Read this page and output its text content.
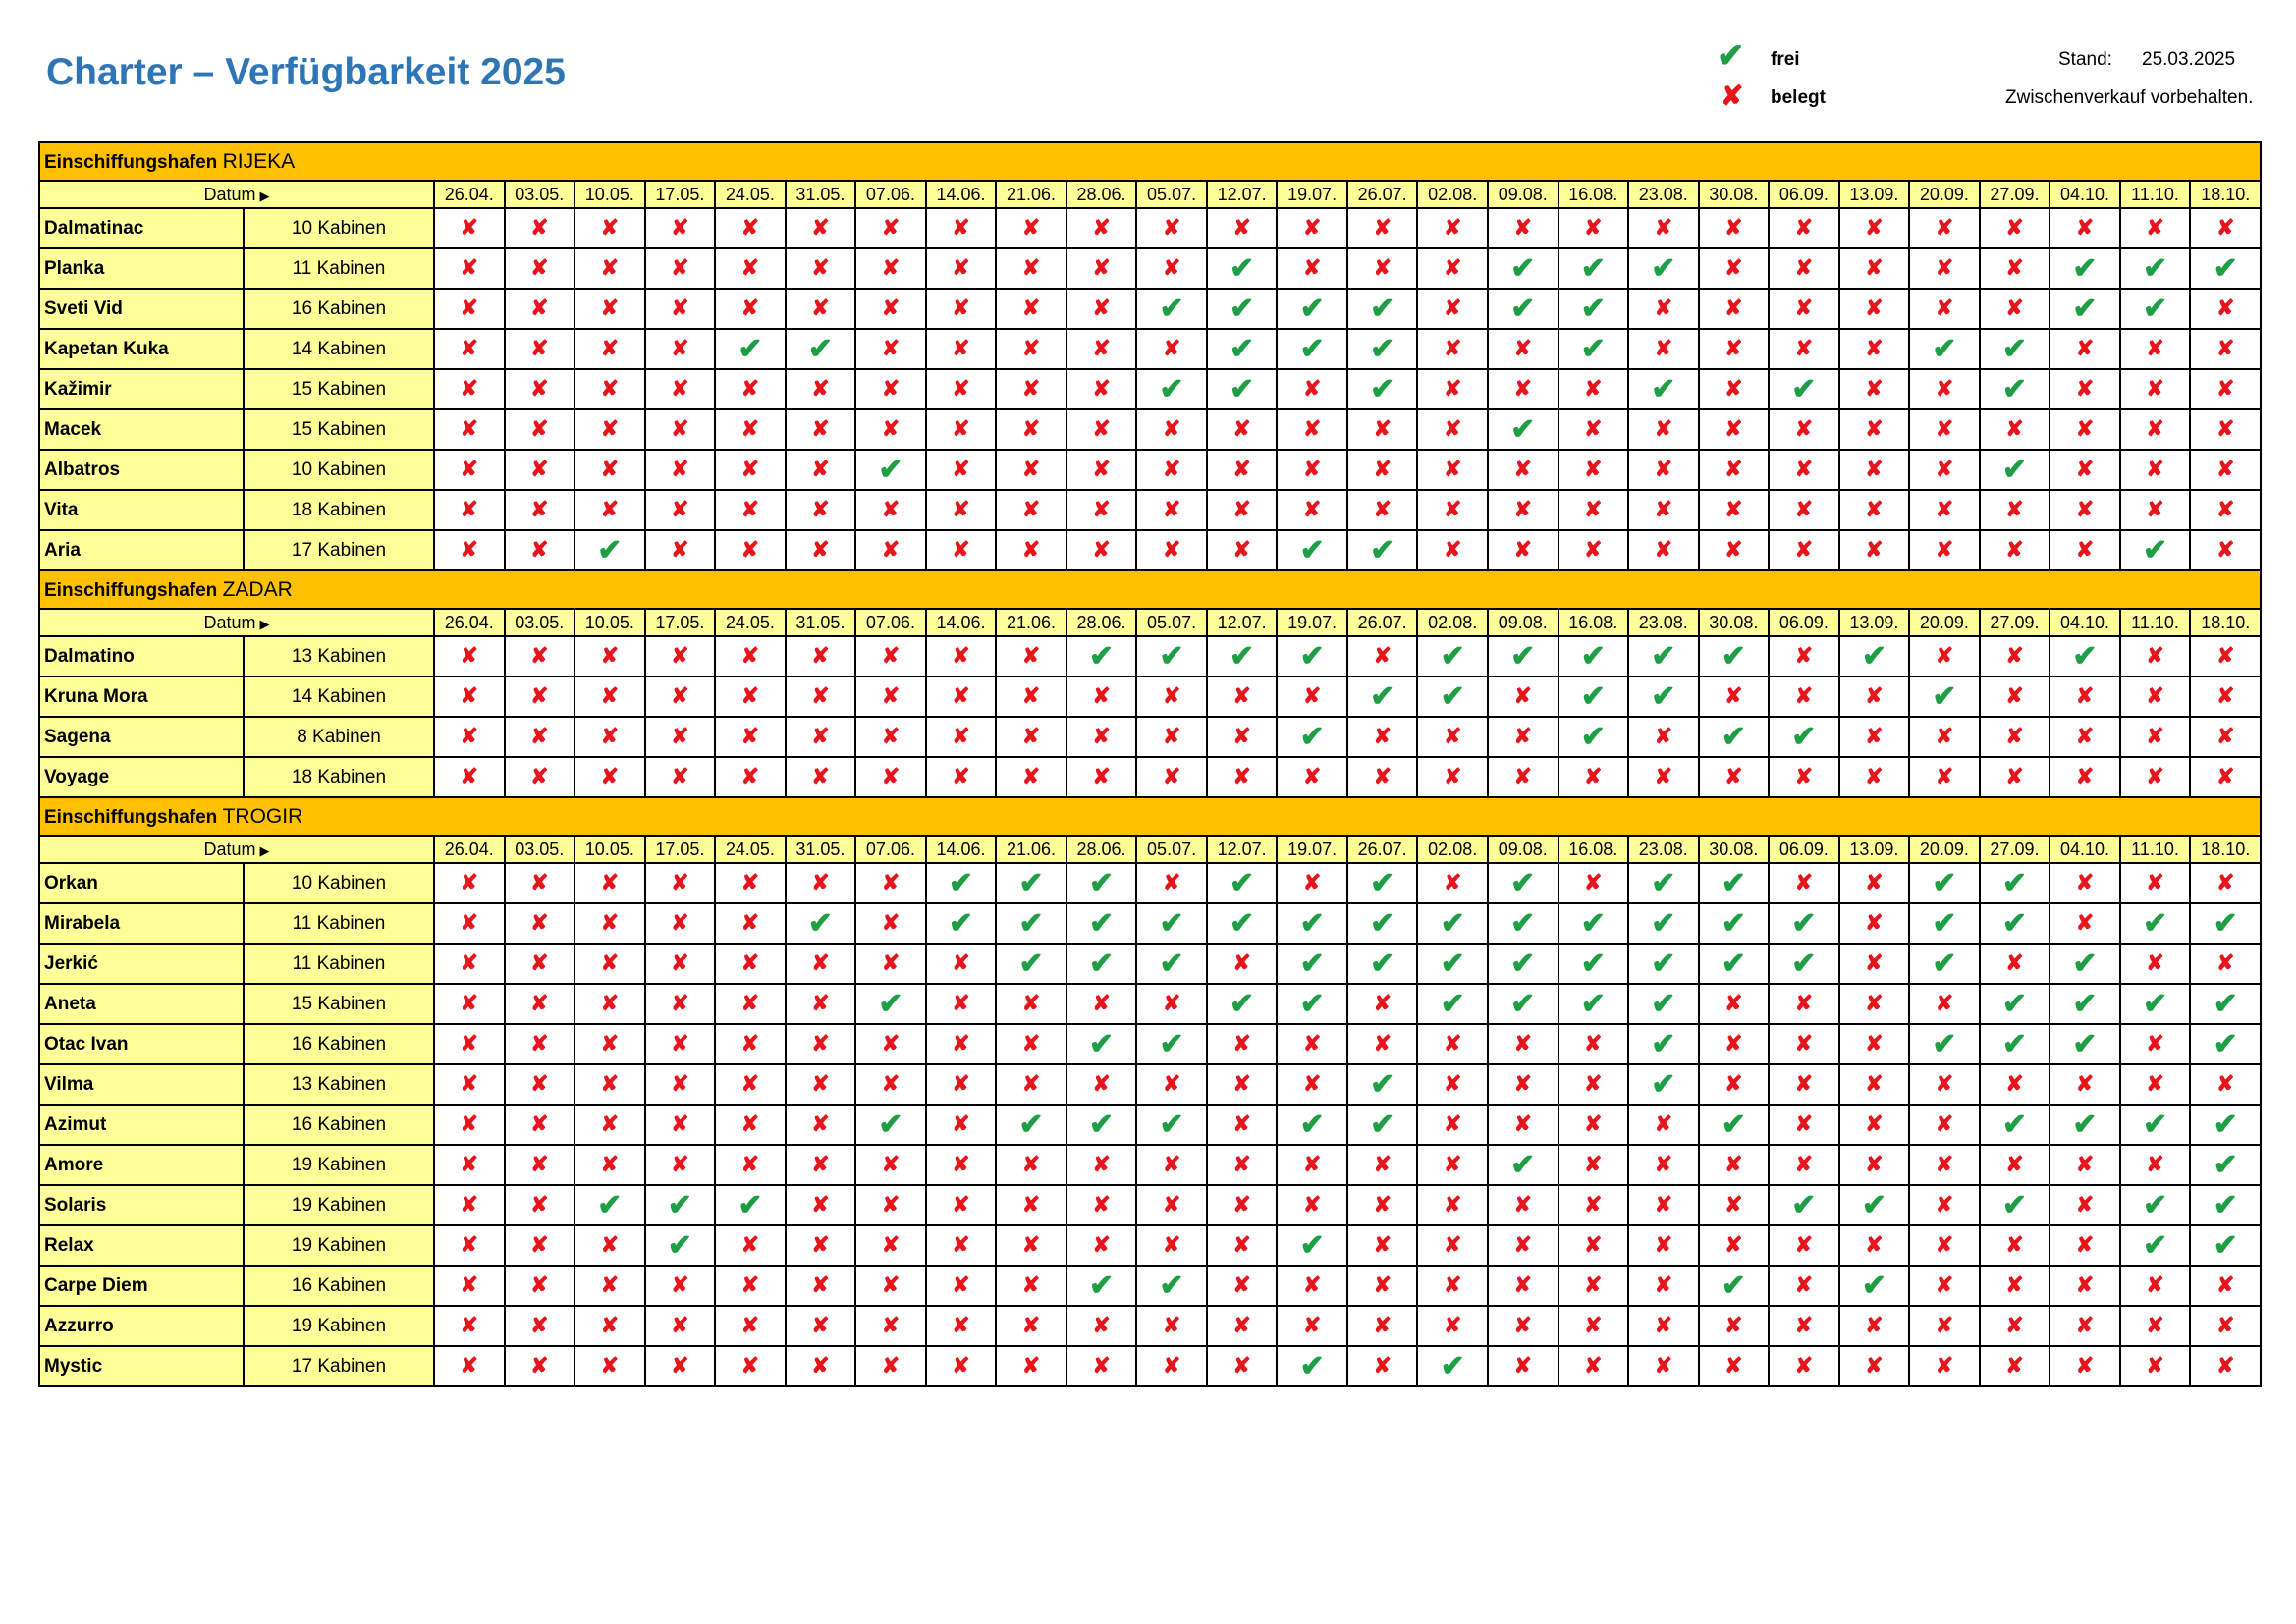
Charter – Verfügbarkeit 2025	✔ frei
✘ belegt
Stand: 25.03.2025
Zwischenverkauf vorbehalten.
Einschiffungshafen RIJEKA																											
Datum ▶		26.04.	03.05.	10.05.	17.05.	24.05.	31.05.	07.06.	14.06.	21.06.	28.06.	05.07.	12.07.	19.07.	26.07.	02.08.	09.08.	16.08.	23.08.	30.08.	06.09.	13.09.	20.09.	27.09.	04.10.	11.10.	18.10.
Dalmatinac	10 Kabinen	✘	✘	✘	✘	✘	✘	✘	✘	✘	✘	✘	✘	✘	✘	✘	✘	✘	✘	✘	✘	✘	✘	✘	✘	✘	✘
Planka	11 Kabinen	✘	✘	✘	✘	✘	✘	✘	✘	✘	✘	✘	✔	✘	✘	✘	✔	✔	✔	✘	✘	✘	✘	✘	✔	✔	✔
Sveti Vid	16 Kabinen	✘	✘	✘	✘	✘	✘	✘	✘	✘	✘	✔	✔	✔	✔	✘	✔	✔	✘	✘	✘	✘	✘	✘	✔	✔	✘
Kapetan Kuka	14 Kabinen	✘	✘	✘	✘	✔	✔	✘	✘	✘	✘	✘	✔	✔	✔	✘	✘	✔	✘	✘	✘	✘	✔	✔	✘	✘	✘
Kažimir	15 Kabinen	✘	✘	✘	✘	✘	✘	✘	✘	✘	✘	✔	✔	✘	✔	✘	✘	✘	✔	✘	✔	✘	✘	✔	✘	✘	✘
Macek	15 Kabinen	✘	✘	✘	✘	✘	✘	✘	✘	✘	✘	✘	✘	✘	✘	✘	✔	✘	✘	✘	✘	✘	✘	✘	✘	✘	✘
Albatros	10 Kabinen	✘	✘	✘	✘	✘	✘	✔	✘	✘	✘	✘	✘	✘	✘	✘	✘	✘	✘	✘	✘	✘	✘	✔	✘	✘	✘
Vita	18 Kabinen	✘	✘	✘	✘	✘	✘	✘	✘	✘	✘	✘	✘	✘	✘	✘	✘	✘	✘	✘	✘	✘	✘	✘	✘	✘	✘
Aria	17 Kabinen	✘	✘	✔	✘	✘	✘	✘	✘	✘	✘	✘	✘	✔	✔	✘	✘	✘	✘	✘	✘	✘	✘	✘	✘	✔	✘
Einschiffungshafen ZADAR																											
Datum ▶		26.04.	03.05.	10.05.	17.05.	24.05.	31.05.	07.06.	14.06.	21.06.	28.06.	05.07.	12.07.	19.07.	26.07.	02.08.	09.08.	16.08.	23.08.	30.08.	06.09.	13.09.	20.09.	27.09.	04.10.	11.10.	18.10.
Dalmatino	13 Kabinen	✘	✘	✘	✘	✘	✘	✘	✘	✘	✔	✔	✔	✔	✘	✔	✔	✔	✔	✔	✘	✔	✘	✘	✔	✘	✘
Kruna Mora	14 Kabinen	✘	✘	✘	✘	✘	✘	✘	✘	✘	✘	✘	✘	✘	✔	✔	✘	✔	✔	✘	✘	✘	✔	✘	✘	✘	✘
Sagena	8 Kabinen	✘	✘	✘	✘	✘	✘	✘	✘	✘	✘	✘	✘	✔	✘	✘	✘	✔	✘	✔	✔	✘	✘	✘	✘	✘	✘
Voyage	18 Kabinen	✘	✘	✘	✘	✘	✘	✘	✘	✘	✘	✘	✘	✘	✘	✘	✘	✘	✘	✘	✘	✘	✘	✘	✘	✘	✘
Einschiffungshafen TROGIR																											
Datum ▶		26.04.	03.05.	10.05.	17.05.	24.05.	31.05.	07.06.	14.06.	21.06.	28.06.	05.07.	12.07.	19.07.	26.07.	02.08.	09.08.	16.08.	23.08.	30.08.	06.09.	13.09.	20.09.	27.09.	04.10.	11.10.	18.10.
Orkan	10 Kabinen	✘	✘	✘	✘	✘	✘	✘	✔	✔	✔	✘	✔	✘	✔	✘	✔	✘	✔	✔	✘	✘	✔	✔	✘	✘	✘
Mirabela	11 Kabinen	✘	✘	✘	✘	✘	✔	✘	✔	✔	✔	✔	✔	✔	✔	✔	✔	✔	✔	✔	✔	✘	✔	✔	✘	✔	✔
Jerkić	11 Kabinen	✘	✘	✘	✘	✘	✘	✘	✘	✔	✔	✔	✘	✔	✔	✔	✔	✔	✔	✔	✔	✘	✔	✘	✔	✘	✘
Aneta	15 Kabinen	✘	✘	✘	✘	✘	✘	✔	✘	✘	✘	✘	✔	✔	✘	✔	✔	✔	✔	✘	✘	✘	✘	✔	✔	✔	✔
Otac Ivan	16 Kabinen	✘	✘	✘	✘	✘	✘	✘	✘	✘	✔	✔	✘	✘	✘	✘	✘	✘	✔	✘	✘	✘	✔	✔	✔	✘	✔
Vilma	13 Kabinen	✘	✘	✘	✘	✘	✘	✘	✘	✘	✘	✘	✘	✘	✔	✘	✘	✘	✔	✘	✘	✘	✘	✘	✘	✘	✘
Azimut	16 Kabinen	✘	✘	✘	✘	✘	✘	✔	✘	✔	✔	✔	✘	✔	✔	✘	✘	✘	✘	✔	✘	✘	✘	✔	✔	✔	✔
Amore	19 Kabinen	✘	✘	✘	✘	✘	✘	✘	✘	✘	✘	✘	✘	✘	✘	✘	✔	✘	✘	✘	✘	✘	✘	✘	✘	✘	✔
Solaris	19 Kabinen	✘	✘	✔	✔	✔	✘	✘	✘	✘	✘	✘	✘	✘	✘	✘	✘	✘	✘	✘	✔	✔	✘	✔	✘	✔	✔
Relax	19 Kabinen	✘	✘	✘	✔	✘	✘	✘	✘	✘	✘	✘	✘	✔	✘	✘	✘	✘	✘	✘	✘	✘	✘	✘	✘	✔	✔
Carpe Diem	16 Kabinen	✘	✘	✘	✘	✘	✘	✘	✘	✘	✔	✔	✘	✘	✘	✘	✘	✘	✘	✔	✘	✔	✘	✘	✘	✘	✘
Azzurro	19 Kabinen	✘	✘	✘	✘	✘	✘	✘	✘	✘	✘	✘	✘	✘	✘	✘	✘	✘	✘	✘	✘	✘	✘	✘	✘	✘	✘
Mystic	17 Kabinen	✘	✘	✘	✘	✘	✘	✘	✘	✘	✘	✘	✘	✔	✘	✔	✘	✘	✘	✘	✘	✘	✘	✘	✘	✘	✘
